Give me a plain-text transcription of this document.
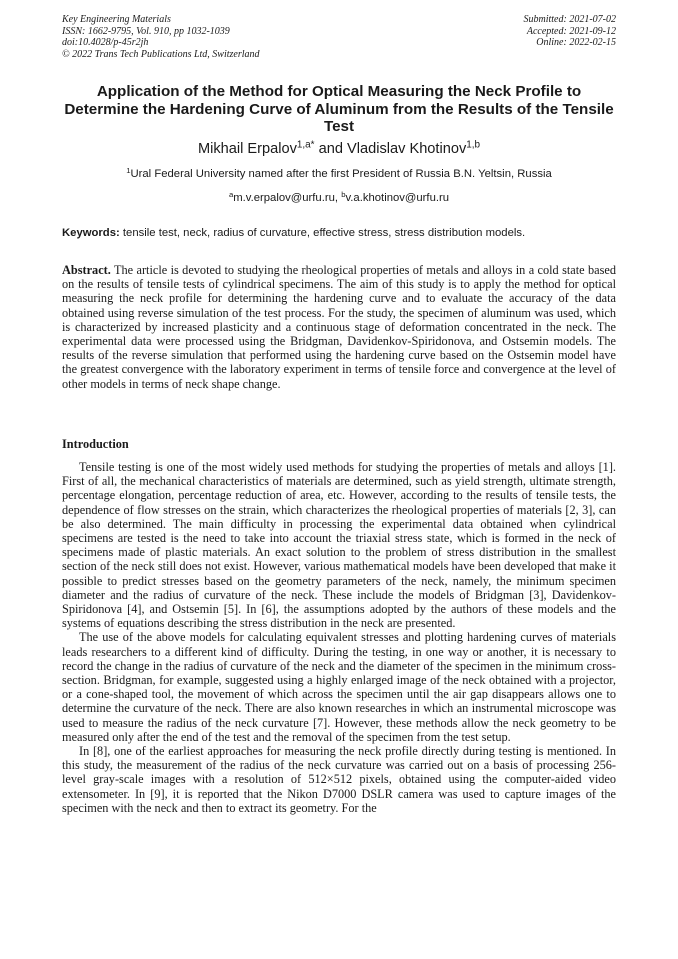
Key Engineering Materials
ISSN: 1662-9795, Vol. 910, pp 1032-1039
doi:10.4028/p-45r2jh
© 2022 Trans Tech Publications Ltd, Switzerland
Submitted: 2021-07-02
Accepted: 2021-09-12
Online: 2022-02-15
Application of the Method for Optical Measuring the Neck Profile to Determine the Hardening Curve of Aluminum from the Results of the Tensile Test
Mikhail Erpalov$^{1,a*}$ and Vladislav Khotinov$^{1,b}$
$^1$Ural Federal University named after the first President of Russia B.N. Yeltsin, Russia
$^a$m.v.erpalov@urfu.ru, $^b$v.a.khotinov@urfu.ru
Keywords: tensile test, neck, radius of curvature, effective stress, stress distribution models.
Abstract. The article is devoted to studying the rheological properties of metals and alloys in a cold state based on the results of tensile tests of cylindrical specimens. The aim of this study is to apply the method for optical measuring the neck profile for determining the hardening curve and to evaluate the accuracy of the data obtained using reverse simulation of the test process. For the study, the specimen of aluminum was used, which is characterized by increased plasticity and a continuous stage of deformation concentrated in the neck. The experimental data were processed using the Bridgman, Davidenkov-Spiridonova, and Ostsemin models. The results of the reverse simulation that performed using the hardening curve based on the Ostsemin model have the greatest convergence with the laboratory experiment in terms of tensile force and convergence at the level of other models in terms of neck shape change.
Introduction

Tensile testing is one of the most widely used methods for studying the properties of metals and alloys [1]. First of all, the mechanical characteristics of materials are determined, such as yield strength, ultimate strength, percentage elongation, percentage reduction of area, etc. However, according to the results of tensile tests, the dependence of flow stresses on the strain, which characterizes the rheological properties of materials [2, 3], can be also determined. The main difficulty in processing the experimental data obtained when cylindrical specimens are tested is the need to take into account the triaxial stress state, which is formed in the neck of specimens made of plastic materials. An exact solution to the problem of stress distribution in the smallest section of the neck still does not exist. However, various mathematical models have been developed that make it possible to predict stresses based on the geometry parameters of the neck, namely, the minimum specimen diameter and the radius of curvature of the neck. These include the models of Bridgman [3], Davidenkov-Spiridonova [4], and Ostsemin [5]. In [6], the assumptions adopted by the authors of these models and the systems of equations describing the stress distribution in the neck are presented.

The use of the above models for calculating equivalent stresses and plotting hardening curves of materials leads researchers to a different kind of difficulty. During the testing, in one way or another, it is necessary to record the change in the radius of curvature of the neck and the diameter of the specimen in the minimum cross-section. Bridgman, for example, suggested using a highly enlarged image of the neck obtained with a projector, or a cone-shaped tool, the movement of which across the specimen until the air gap disappears allows one to determine the curvature of the neck. There are also known researches in which an instrumental microscope was used to measure the radius of the neck curvature [7]. However, these methods allow the neck geometry to be measured only after the end of the test and the removal of the specimen from the test setup.

In [8], one of the earliest approaches for measuring the neck profile directly during testing is mentioned. In this study, the measurement of the radius of the neck curvature was carried out on a basis of processing 256-level gray-scale images with a resolution of 512×512 pixels, obtained using the computer-aided video extensometer. In [9], it is reported that the Nikon D7000 DSLR camera was used to capture images of the specimen with the neck and then to extract its geometry. For the
